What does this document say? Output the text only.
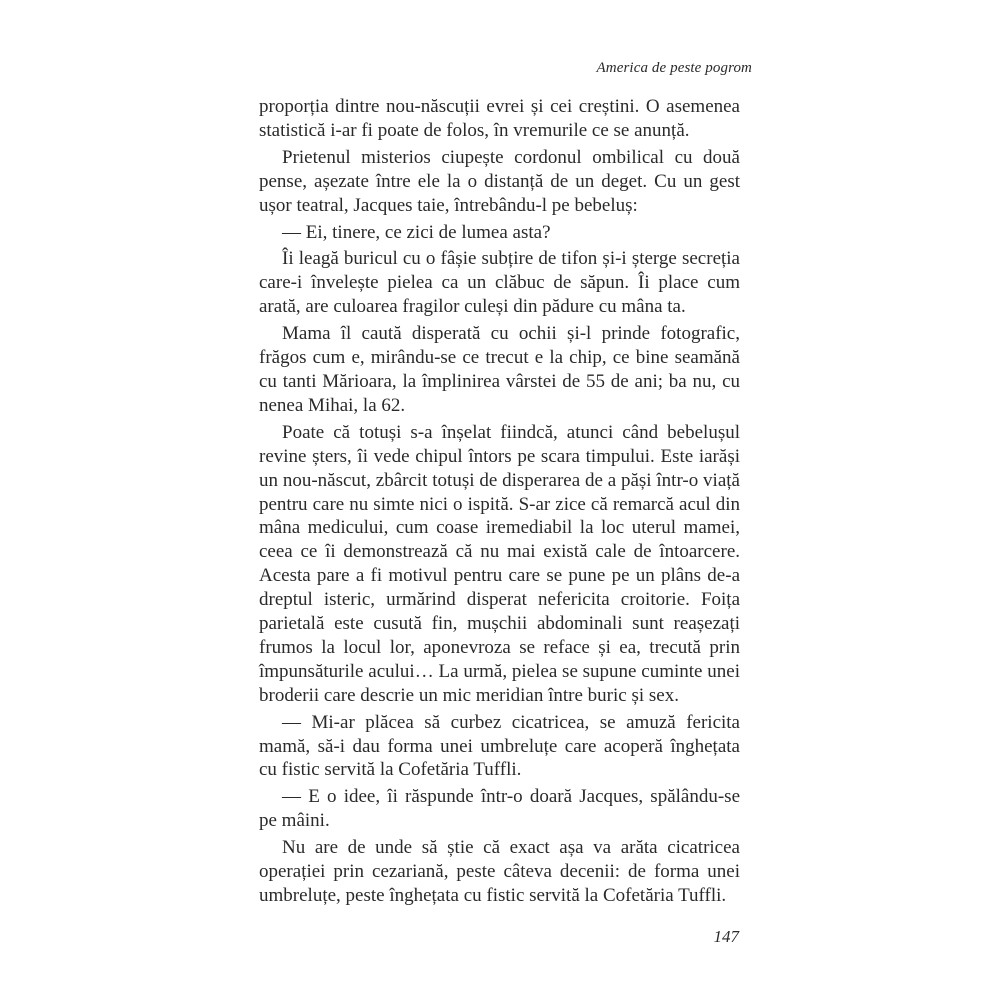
America de peste pogrom

proporția dintre nou-născuții evrei și cei creștini. O asemenea statistică i-ar fi poate de folos, în vremurile ce se anunță.

Prietenul misterios ciupește cordonul ombilical cu două pense, așezate între ele la o distanță de un deget. Cu un gest ușor teatral, Jacques taie, întrebându-l pe bebeluș:

— Ei, tinere, ce zici de lumea asta?

Îi leagă buricul cu o fâșie subțire de tifon și-i șterge secreția care-i învelește pielea ca un clăbuc de săpun. Îi place cum arată, are culoarea fragilor culeși din pădure cu mâna ta.

Mama îl caută disperată cu ochii și-l prinde fotografic, frăgos cum e, mirându-se ce trecut e la chip, ce bine seamănă cu tanti Mărioara, la împlinirea vârstei de 55 de ani; ba nu, cu nenea Mihai, la 62.

Poate că totuși s-a înșelat fiindcă, atunci când bebelușul revine șters, îi vede chipul întors pe scara timpului. Este iarăși un nou-născut, zbârcit totuși de disperarea de a păși într-o viață pentru care nu simte nici o ispită. S-ar zice că remarcă acul din mâna medicului, cum coase iremediabil la loc uterul mamei, ceea ce îi demonstrează că nu mai există cale de întoarcere. Acesta pare a fi motivul pentru care se pune pe un plâns de-a dreptul isteric, urmărind disperat nefericita croitorie. Foița parietală este cusută fin, mușchii abdominali sunt reașezați frumos la locul lor, aponevroza se reface și ea, trecută prin împunsăturile acului… La urmă, pielea se supune cuminte unei broderii care descrie un mic meridian între buric și sex.

— Mi-ar plăcea să curbez cicatricea, se amuză fericita mamă, să-i dau forma unei umbreluțe care acoperă înghețata cu fistic servită la Cofetăria Tuffli.

— E o idee, îi răspunde într-o doară Jacques, spălându-se pe mâini.

Nu are de unde să știe că exact așa va arăta cicatricea operației prin cezariană, peste câteva decenii: de forma unei umbreluțe, peste înghețata cu fistic servită la Cofetăria Tuffli.

147
